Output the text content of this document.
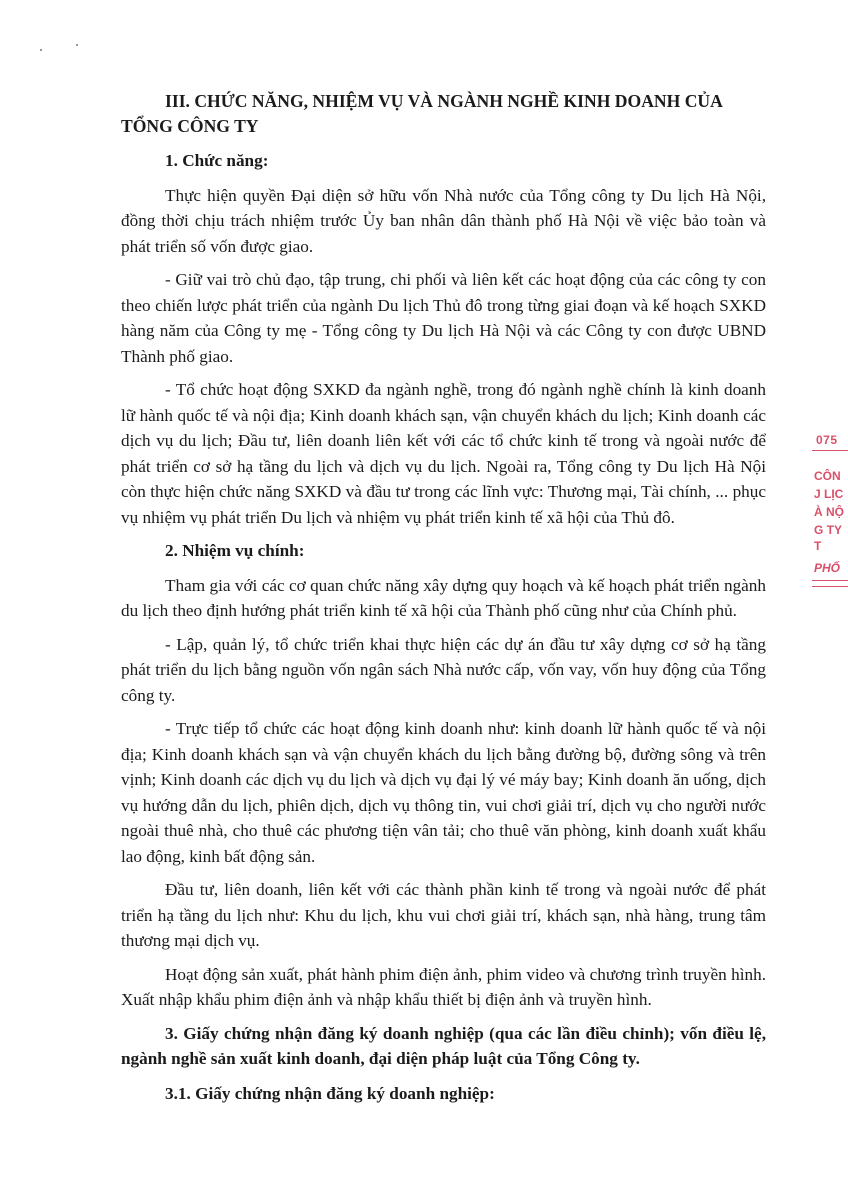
III. CHỨC NĂNG, NHIỆM VỤ VÀ NGÀNH NGHỀ KINH DOANH CỦA TỔNG CÔNG TY
1. Chức năng:

Thực hiện quyền Đại diện sở hữu vốn Nhà nước của Tổng công ty Du lịch Hà Nội, đồng thời chịu trách nhiệm trước Ủy ban nhân dân thành phố Hà Nội về việc bảo toàn và phát triển số vốn được giao.

- Giữ vai trò chủ đạo, tập trung, chi phối và liên kết các hoạt động của các công ty con theo chiến lược phát triển của ngành Du lịch Thủ đô trong từng giai đoạn và kế hoạch SXKD hàng năm của Công ty mẹ - Tổng công ty Du lịch Hà Nội và các Công ty con được UBND Thành phố giao.

- Tổ chức hoạt động SXKD đa ngành nghề, trong đó ngành nghề chính là kinh doanh lữ hành quốc tế và nội địa; Kinh doanh khách sạn, vận chuyển khách du lịch; Kinh doanh các dịch vụ du lịch; Đầu tư, liên doanh liên kết với các tổ chức kinh tế trong và ngoài nước để phát triển cơ sở hạ tầng du lịch và dịch vụ du lịch. Ngoài ra, Tổng công ty Du lịch Hà Nội còn thực hiện chức năng SXKD và đầu tư trong các lĩnh vực: Thương mại, Tài chính, ... phục vụ nhiệm vụ phát triển Du lịch và nhiệm vụ phát triển kinh tế xã hội của Thủ đô.

2. Nhiệm vụ chính:

Tham gia với các cơ quan chức năng xây dựng quy hoạch và kế hoạch phát triển ngành du lịch theo định hướng phát triển kinh tế xã hội của Thành phố cũng như của Chính phủ.

- Lập, quản lý, tổ chức triển khai thực hiện các dự án đầu tư xây dựng cơ sở hạ tầng phát triển du lịch bằng nguồn vốn ngân sách Nhà nước cấp, vốn vay, vốn huy động của Tổng công ty.

- Trực tiếp tổ chức các hoạt động kinh doanh như: kinh doanh lữ hành quốc tế và nội địa; Kinh doanh khách sạn và vận chuyển khách du lịch bằng đường bộ, đường sông và trên vịnh; Kinh doanh các dịch vụ du lịch và dịch vụ đại lý vé máy bay; Kinh doanh ăn uống, dịch vụ hướng dẫn du lịch, phiên dịch, dịch vụ thông tin, vui chơi giải trí, dịch vụ cho người nước ngoài thuê nhà, cho thuê các phương tiện vân tải; cho thuê văn phòng, kinh doanh xuất khẩu lao động, kinh bất động sản.

Đầu tư, liên doanh, liên kết với các thành phần kinh tế trong và ngoài nước để phát triển hạ tầng du lịch như: Khu du lịch, khu vui chơi giải trí, khách sạn, nhà hàng, trung tâm thương mại dịch vụ.

Hoạt động sản xuất, phát hành phim điện ảnh, phim video và chương trình truyền hình. Xuất nhập khẩu phim điện ảnh và nhập khẩu thiết bị điện ảnh và truyền hình.

3. Giấy chứng nhận đăng ký doanh nghiệp (qua các lần điều chỉnh); vốn điều lệ, ngành nghề sản xuất kinh doanh, đại diện pháp luật của Tổng Công ty.
3.1. Giấy chứng nhận đăng ký doanh nghiệp:
075
CÔN
J LỊC
À NỘ
G TY T
PHỐ
